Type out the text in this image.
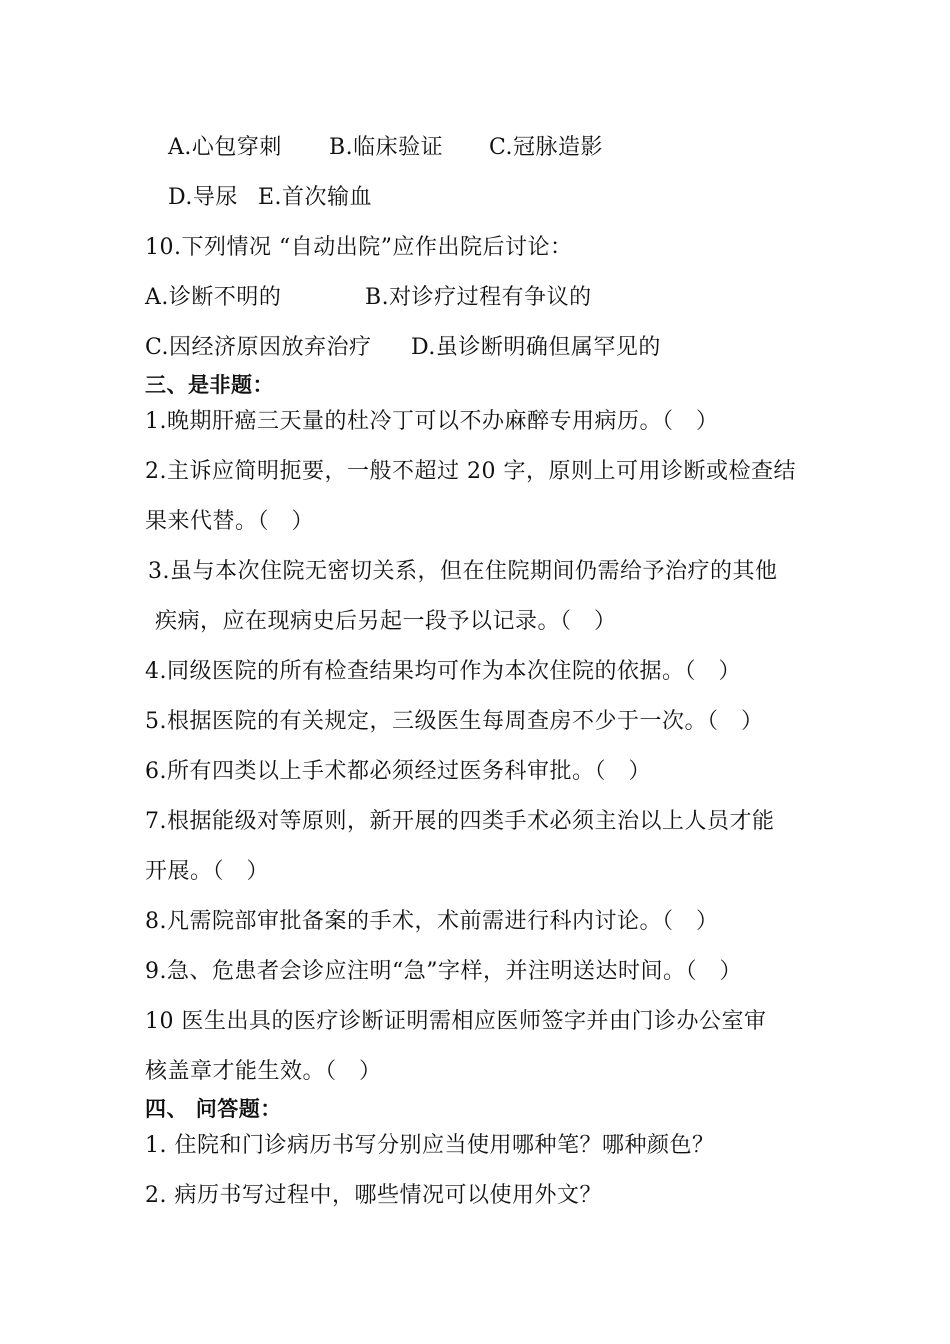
A.心包穿刺 B.临床验证 C.冠脉造影
D.导尿 E.首次输血
10.下列情况 “自动出院”应作出院后讨论：
A.诊断不明的	B.对诊疗过程有争议的
C.因经济原因放弃治疗 D.虽诊断明确但属罕见的
三、是非题：
1.晚期肝癌三天量的杜冷丁可以不办麻醉专用病历。（　）
2.主诉应简明扼要，一般不超过 20 字，原则上可用诊断或检查结
果来代替。（　）
3.虽与本次住院无密切关系，但在住院期间仍需给予治疗的其他
疾病，应在现病史后另起一段予以记录。（　）
4.同级医院的所有检查结果均可作为本次住院的依据。（　）
5.根据医院的有关规定，三级医生每周查房不少于一次。（　）
6.所有四类以上手术都必须经过医务科审批。（　）
7.根据能级对等原则，新开展的四类手术必须主治以上人员才能
开展。（　）
8.凡需院部审批备案的手术，术前需进行科内讨论。（　）
9.急、危患者会诊应注明“急”字样，并注明送达时间。（　）
10 医生出具的医疗诊断证明需相应医师签字并由门诊办公室审
核盖章才能生效。（　）
四、 问答题：
1. 住院和门诊病历书写分别应当使用哪种笔？哪种颜色？
2. 病历书写过程中，哪些情况可以使用外文？
